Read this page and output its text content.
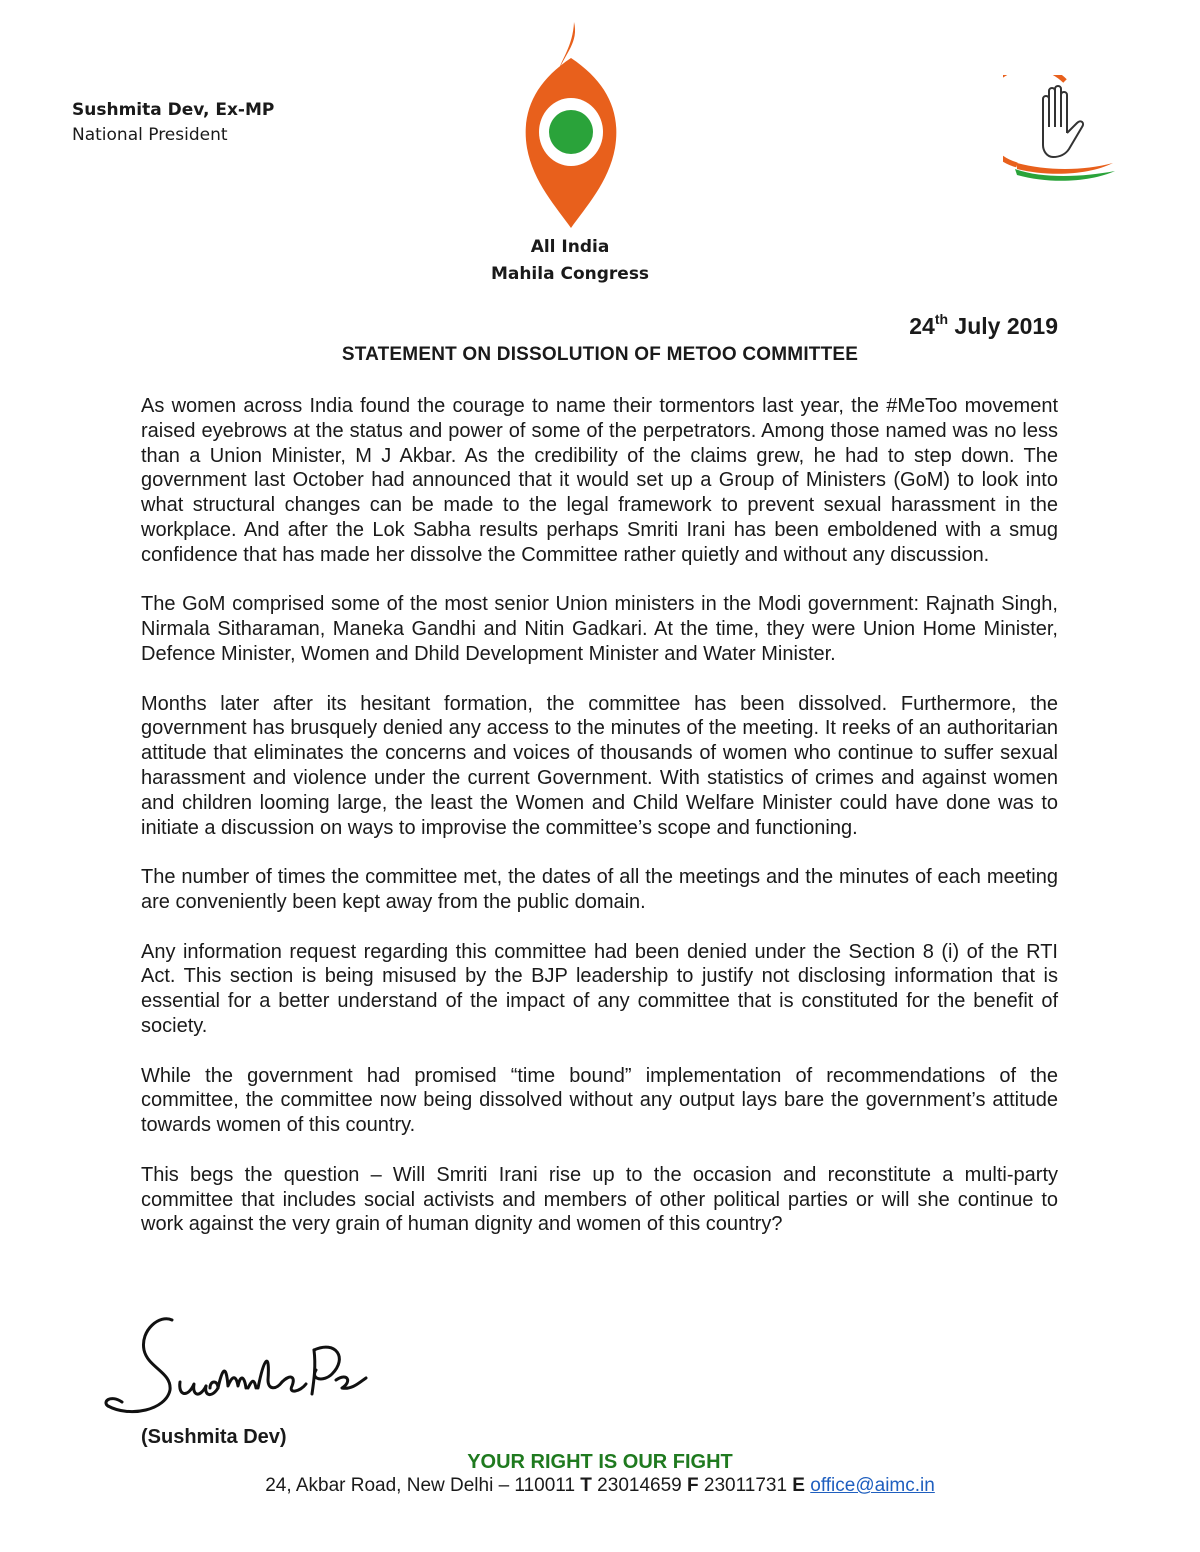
Sushmita Dev, Ex-MP
National President
All India
Mahila Congress
24th July 2019
STATEMENT ON DISSOLUTION OF METOO COMMITTEE

As women across India found the courage to name their tormentors last year, the #MeToo movement raised eyebrows at the status and power of some of the perpetrators. Among those named was no less than a Union Minister, M J Akbar. As the credibility of the claims grew, he had to step down. The government last October had announced that it would set up a Group of Ministers (GoM) to look into what structural changes can be made to the legal framework to prevent sexual harassment in the workplace. And after the Lok Sabha results perhaps Smriti Irani has been emboldened with a smug confidence that has made her dissolve the Committee rather quietly and without any discussion.

The GoM comprised some of the most senior Union ministers in the Modi government: Rajnath Singh, Nirmala Sitharaman, Maneka Gandhi and Nitin Gadkari. At the time, they were Union Home Minister, Defence Minister, Women and Dhild Development Minister and Water Minister.

Months later after its hesitant formation, the committee has been dissolved. Furthermore, the government has brusquely denied any access to the minutes of the meeting. It reeks of an authoritarian attitude that eliminates the concerns and voices of thousands of women who continue to suffer sexual harassment and violence under the current Government. With statistics of crimes and against women and children looming large, the least the Women and Child Welfare Minister could have done was to initiate a discussion on ways to improvise the committee’s scope and functioning.

The number of times the committee met, the dates of all the meetings and the minutes of each meeting are conveniently been kept away from the public domain.

Any information request regarding this committee had been denied under the Section 8 (i) of the RTI Act. This section is being misused by the BJP leadership to justify not disclosing information that is essential for a better understand of the impact of any committee that is constituted for the benefit of society.

While the government had promised “time bound” implementation of recommendations of the committee, the committee now being dissolved without any output lays bare the government’s attitude towards women of this country.

This begs the question – Will Smriti Irani rise up to the occasion and reconstitute a multi-party committee that includes social activists and members of other political parties or will she continue to work against the very grain of human dignity and women of this country?

(Sushmita Dev)
YOUR RIGHT IS OUR FIGHT
24, Akbar Road, New Delhi – 110011 T 23014659 F 23011731 E office@aimc.in
